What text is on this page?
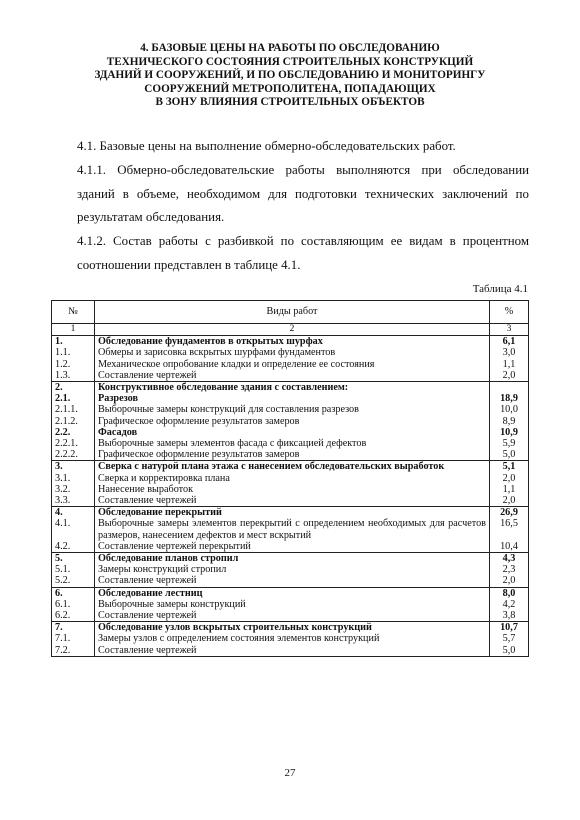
4. БАЗОВЫЕ ЦЕНЫ НА РАБОТЫ ПО ОБСЛЕДОВАНИЮ
ТЕХНИЧЕСКОГО СОСТОЯНИЯ СТРОИТЕЛЬНЫХ КОНСТРУКЦИЙ
ЗДАНИЙ И СООРУЖЕНИЙ, И ПО ОБСЛЕДОВАНИЮ И МОНИТОРИНГУ
СООРУЖЕНИЙ МЕТРОПОЛИТЕНА, ПОПАДАЮЩИХ
В ЗОНУ ВЛИЯНИЯ СТРОИТЕЛЬНЫХ ОБЪЕКТОВ
4.1. Базовые цены на выполнение обмерно-обследовательских работ.
4.1.1. Обмерно-обследовательские работы выполняются при обследовании зданий в объеме, необходимом для подготовки технических заключений по результатам обследования.
4.1.2. Состав работы с разбивкой по составляющим ее видам в процентном соотношении представлен в таблице 4.1.
Таблица 4.1
№	Виды работ	%
1	2	3
1.	Обследование фундаментов в открытых шурфах	6,1
1.1.	Обмеры и зарисовка вскрытых шурфами фундаментов	3,0
1.2.	Механическое опробование кладки и определение ее состояния	1,1
1.3.	Составление чертежей	2,0
2.	Конструктивное обследование здания с составлением:	
2.1.	Разрезов	18,9
2.1.1.	Выборочные замеры конструкций для составления разрезов	10,0
2.1.2.	Графическое оформление результатов замеров	8,9
2.2.	Фасадов	10,9
2.2.1.	Выборочные замеры элементов фасада с фиксацией дефектов	5,9
2.2.2.	Графическое оформление результатов замеров	5,0
3.	Сверка с натурой плана этажа с нанесением обследовательских выработок	5,1
3.1.	Сверка и корректировка плана	2,0
3.2.	Нанесение выработок	1,1
3.3.	Составление чертежей	2,0
4.	Обследование перекрытий	26,9
4.1.	Выборочные замеры элементов перекрытий с определением необходимых для расчетов размеров, нанесением дефектов и мест вскрытий	16,5
4.2.	Составление чертежей перекрытий	10,4
5.	Обследование планов стропил	4,3
5.1.	Замеры конструкций стропил	2,3
5.2.	Составление чертежей	2,0
6.	Обследование лестниц	8,0
6.1.	Выборочные замеры конструкций	4,2
6.2.	Составление чертежей	3,8
7.	Обследование узлов вскрытых строительных конструкций	10,7
7.1.	Замеры узлов с определением состояния элементов конструкций	5,7
7.2.	Составление чертежей	5,0
27
